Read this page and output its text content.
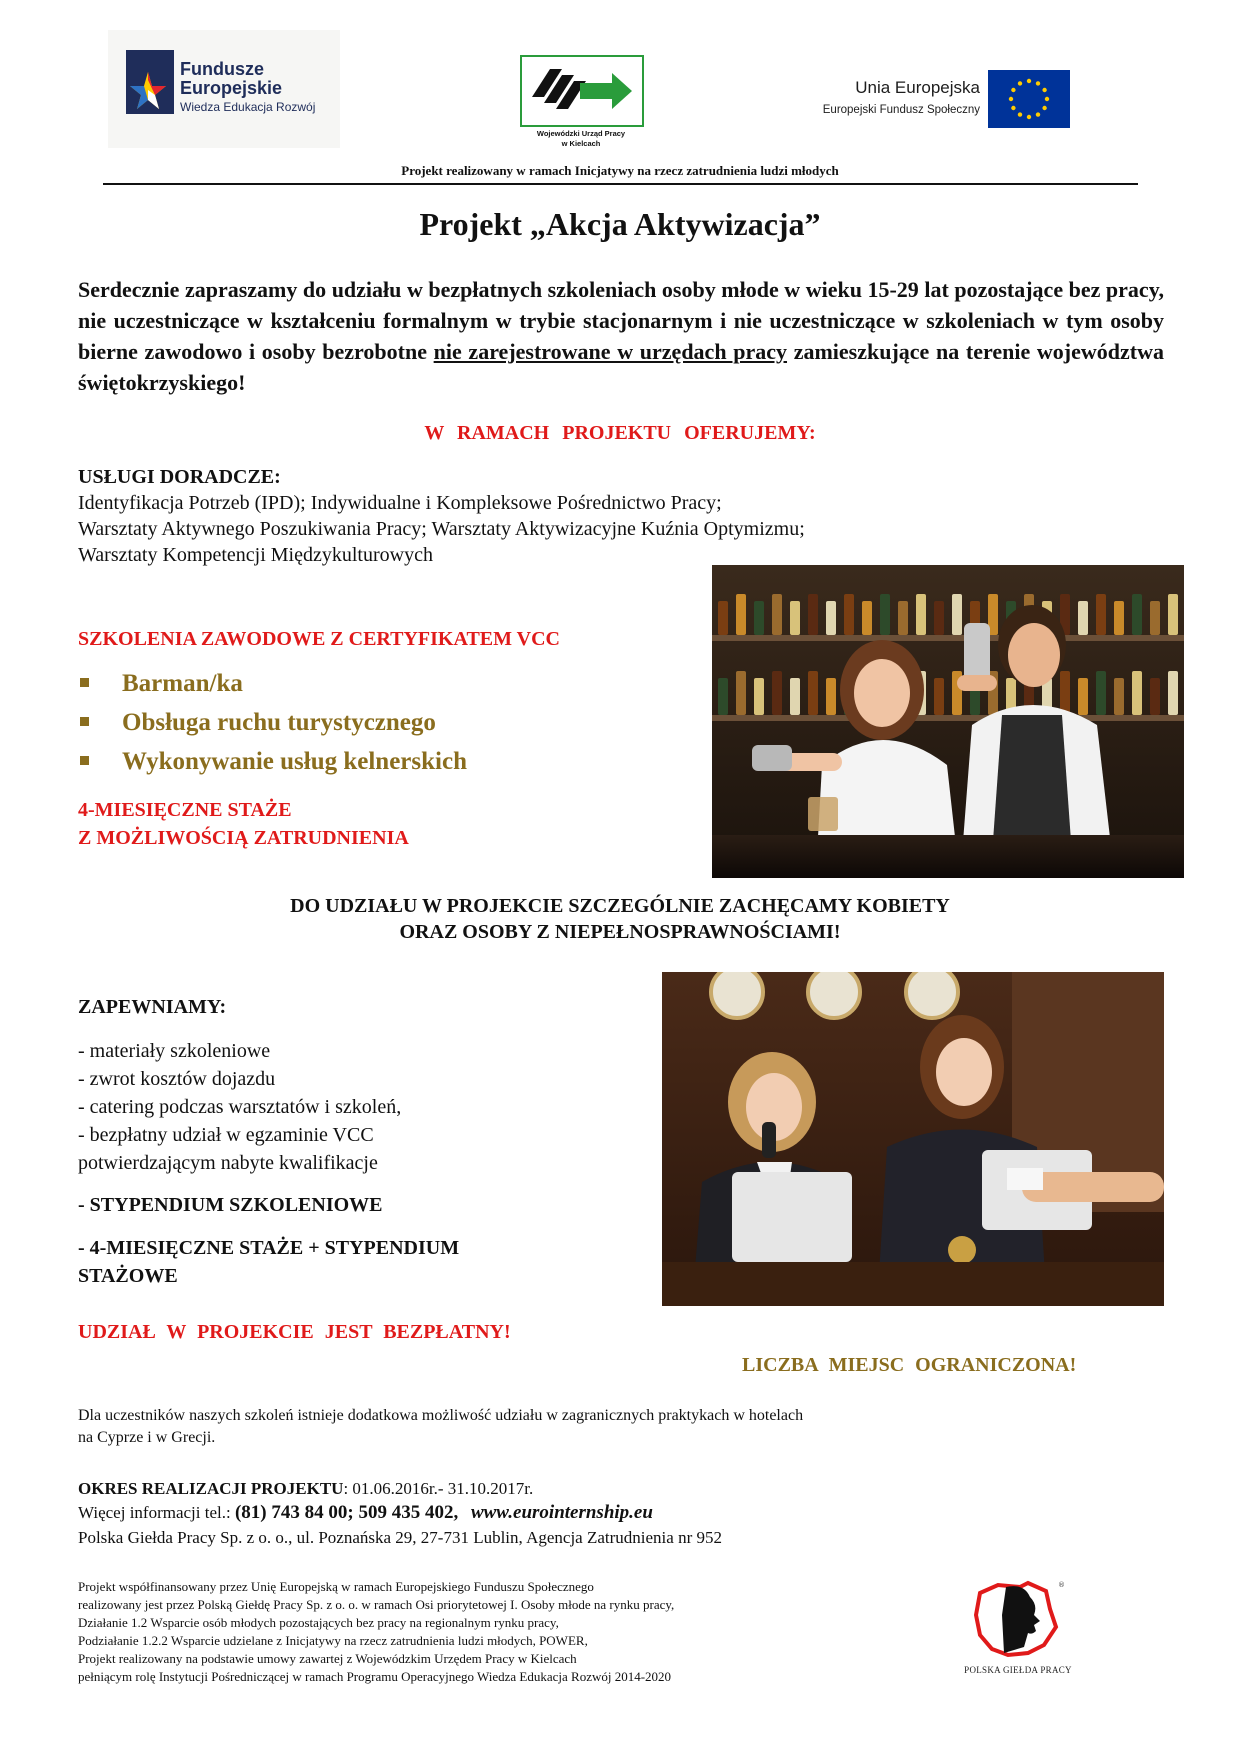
Fundusze
Europejskie
Wiedza Edukacja Rozwój
Wojewódzki Urząd Pracy
w Kielcach
Unia Europejska
Europejski Fundusz Społeczny
Projekt realizowany w ramach Inicjatywy na rzecz zatrudnienia ludzi młodych
Projekt „Akcja Aktywizacja”
Serdecznie zapraszamy do udziału w bezpłatnych szkoleniach osoby młode w wieku 15-29 lat pozostające bez pracy, nie uczestniczące w kształceniu formalnym w trybie stacjonarnym i nie uczestniczące w szkoleniach w tym osoby bierne zawodowo i osoby bezrobotne nie zarejestrowane w urzędach pracy zamieszkujące na terenie województwa świętokrzyskiego!
W RAMACH PROJEKTU OFERUJEMY:
USŁUGI DORADCZE:
Identyfikacja Potrzeb (IPD); Indywidualne i Kompleksowe Pośrednictwo Pracy;
Warsztaty Aktywnego Poszukiwania Pracy; Warsztaty Aktywizacyjne Kuźnia Optymizmu;
Warsztaty Kompetencji Międzykulturowych
SZKOLENIA ZAWODOWE Z CERTYFIKATEM VCC
Barman/ka
Obsługa ruchu turystycznego
Wykonywanie usług kelnerskich
4-MIESIĘCZNE STAŻE
Z MOŻLIWOŚCIĄ ZATRUDNIENIA
DO UDZIAŁU W PROJEKCIE SZCZEGÓLNIE ZACHĘCAMY KOBIETY
ORAZ OSOBY Z NIEPEŁNOSPRAWNOŚCIAMI!
ZAPEWNIAMY:
- materiały szkoleniowe
- zwrot kosztów dojazdu
- catering podczas warsztatów i szkoleń,
- bezpłatny udział w egzaminie VCC
potwierdzającym nabyte kwalifikacje
- STYPENDIUM SZKOLENIOWE
- 4-MIESIĘCZNE STAŻE + STYPENDIUM
STAŻOWE
UDZIAŁ W PROJEKCIE JEST BEZPŁATNY!
LICZBA MIEJSC OGRANICZONA!
Dla uczestników naszych szkoleń istnieje dodatkowa możliwość udziału w zagranicznych praktykach w hotelach
na Cyprze i w Grecji.
OKRES REALIZACJI PROJEKTU: 01.06.2016r.- 31.10.2017r.
Więcej informacji tel.: (81) 743 84 00; 509 435 402, www.eurointernship.eu
Polska Giełda Pracy Sp. z o. o., ul. Poznańska 29, 27-731 Lublin, Agencja Zatrudnienia nr 952
Projekt współfinansowany przez Unię Europejską w ramach Europejskiego Funduszu Społecznego
realizowany jest przez Polską Giełdę Pracy Sp. z o. o. w ramach Osi priorytetowej I. Osoby młode na rynku pracy,
Działanie 1.2 Wsparcie osób młodych pozostających bez pracy na regionalnym rynku pracy,
Podziałanie 1.2.2 Wsparcie udzielane z Inicjatywy na rzecz zatrudnienia ludzi młodych, POWER,
Projekt realizowany na podstawie umowy zawartej z Wojewódzkim Urzędem Pracy w Kielcach
pełniącym rolę Instytucji Pośredniczącej w ramach Programu Operacyjnego Wiedza Edukacja Rozwój 2014-2020
®
POLSKA GIEŁDA PRACY
